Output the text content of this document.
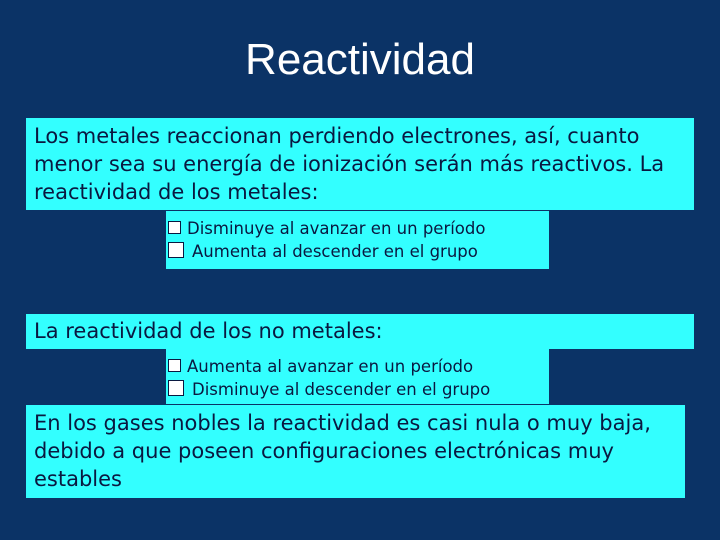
Reactividad
Los metales reaccionan perdiendo electrones, así, cuanto menor sea su energía de ionización serán más reactivos. La reactividad de los metales:
Disminuye al avanzar en un período
Aumenta al descender en el grupo
La reactividad de los no metales:
Aumenta al avanzar en un período
Disminuye al descender en el grupo
En los gases nobles la reactividad es casi nula o muy baja, debido a que poseen configuraciones electrónicas muy estables
